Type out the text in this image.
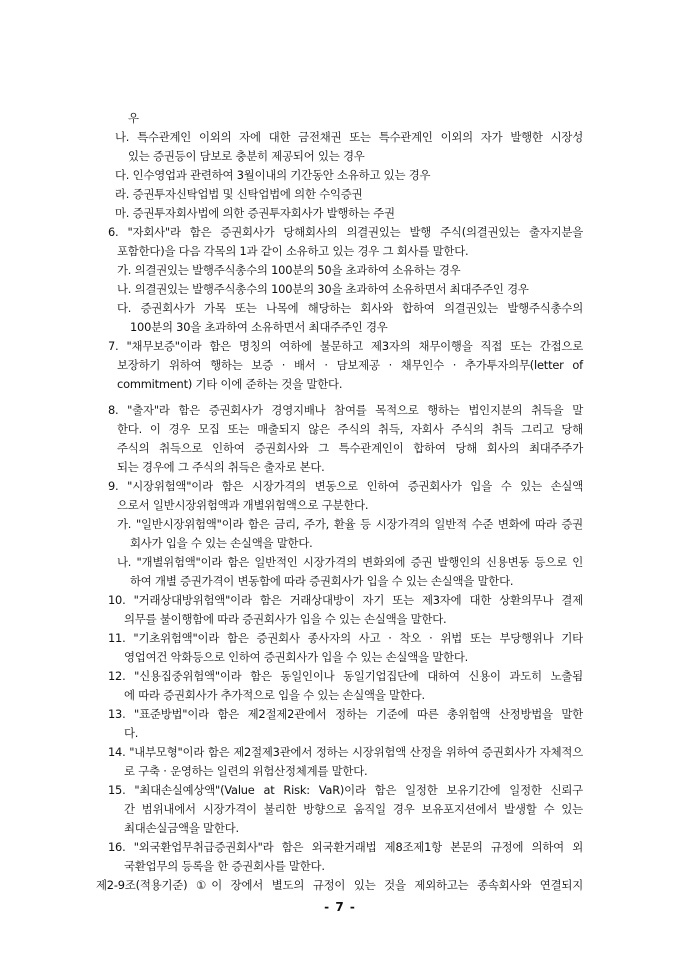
우
나. 특수관계인 이외의 자에 대한 금전채권 또는 특수관계인 이외의 자가 발행한 시장성
있는 증권등이 담보로 충분히 제공되어 있는 경우
다. 인수영업과 관련하여 3월이내의 기간동안 소유하고 있는 경우
라. 증권투자신탁업법 및 신탁업법에 의한 수익증권
마. 증권투자회사법에 의한 증권투자회사가 발행하는 주권
6. "자회사"라 함은 증권회사가 당해회사의 의결권있는 발행 주식(의결권있는 출자지분을
포함한다)을 다음 각목의 1과 같이 소유하고 있는 경우 그 회사를 말한다.
가. 의결권있는 발행주식총수의 100분의 50을 초과하여 소유하는 경우
나. 의결권있는 발행주식총수의 100분의 30을 초과하여 소유하면서 최대주주인 경우
다. 증권회사가 가목 또는 나목에 해당하는 회사와 합하여 의결권있는 발행주식총수의
100분의 30을 초과하여 소유하면서 최대주주인 경우
7. "채무보증"이라 함은 명칭의 여하에 불문하고 제3자의 채무이행을 직접 또는 간접으로
보장하기 위하여 행하는 보증 · 배서 · 담보제공 · 채무인수 · 추가투자의무(letter of
commitment) 기타 이에 준하는 것을 말한다.
8. "출자"라 함은 증권회사가 경영지배나 참여를 목적으로 행하는 법인지분의 취득을 말
한다. 이 경우 모집 또는 매출되지 않은 주식의 취득, 자회사 주식의 취득 그리고 당해
주식의 취득으로 인하여 증권회사와 그 특수관계인이 합하여 당해 회사의 최대주주가
되는 경우에 그 주식의 취득은 출자로 본다.
9. "시장위험액"이라 함은 시장가격의 변동으로 인하여 증권회사가 입을 수 있는 손실액
으로서 일반시장위험액과 개별위험액으로 구분한다.
가. "일반시장위험액"이라 함은 금리, 주가, 환율 등 시장가격의 일반적 수준 변화에 따라 증권
회사가 입을 수 있는 손실액을 말한다.
나. "개별위험액"이라 함은 일반적인 시장가격의 변화외에 증권 발행인의 신용변동 등으로 인
하여 개별 증권가격이 변동함에 따라 증권회사가 입을 수 있는 손실액을 말한다.
10. "거래상대방위험액"이라 함은 거래상대방이 자기 또는 제3자에 대한 상환의무나 결제
의무를 불이행함에 따라 증권회사가 입을 수 있는 손실액을 말한다.
11. "기초위험액"이라 함은 증권회사 종사자의 사고 · 착오 · 위법 또는 부당행위나 기타
영업여건 악화등으로 인하여 증권회사가 입을 수 있는 손실액을 말한다.
12. "신용집중위험액"이라 함은 동일인이나 동일기업집단에 대하여 신용이 과도히 노출됨
에 따라 증권회사가 추가적으로 입을 수 있는 손실액을 말한다.
13. "표준방법"이라 함은 제2절제2관에서 정하는 기준에 따른 총위험액 산정방법을 말한
다.
14. "내부모형"이라 함은 제2절제3관에서 정하는 시장위험액 산정을 위하여 증권회사가 자체적으
로 구축 · 운영하는 일련의 위험산정체계를 말한다.
15. "최대손실예상액"(Value at Risk: VaR)이라 함은 일정한 보유기간에 일정한 신뢰구
간 범위내에서 시장가격이 불리한 방향으로 움직일 경우 보유포지션에서 발생할 수 있는
최대손실금액을 말한다.
16. "외국환업무취급증권회사"라 함은 외국환거래법 제8조제1항 본문의 규정에 의하여 외
국환업무의 등록을 한 증권회사를 말한다.
제2-9조(적용기준) ①이 장에서 별도의 규정이 있는 것을 제외하고는 종속회사와 연결되지
- 7 -
